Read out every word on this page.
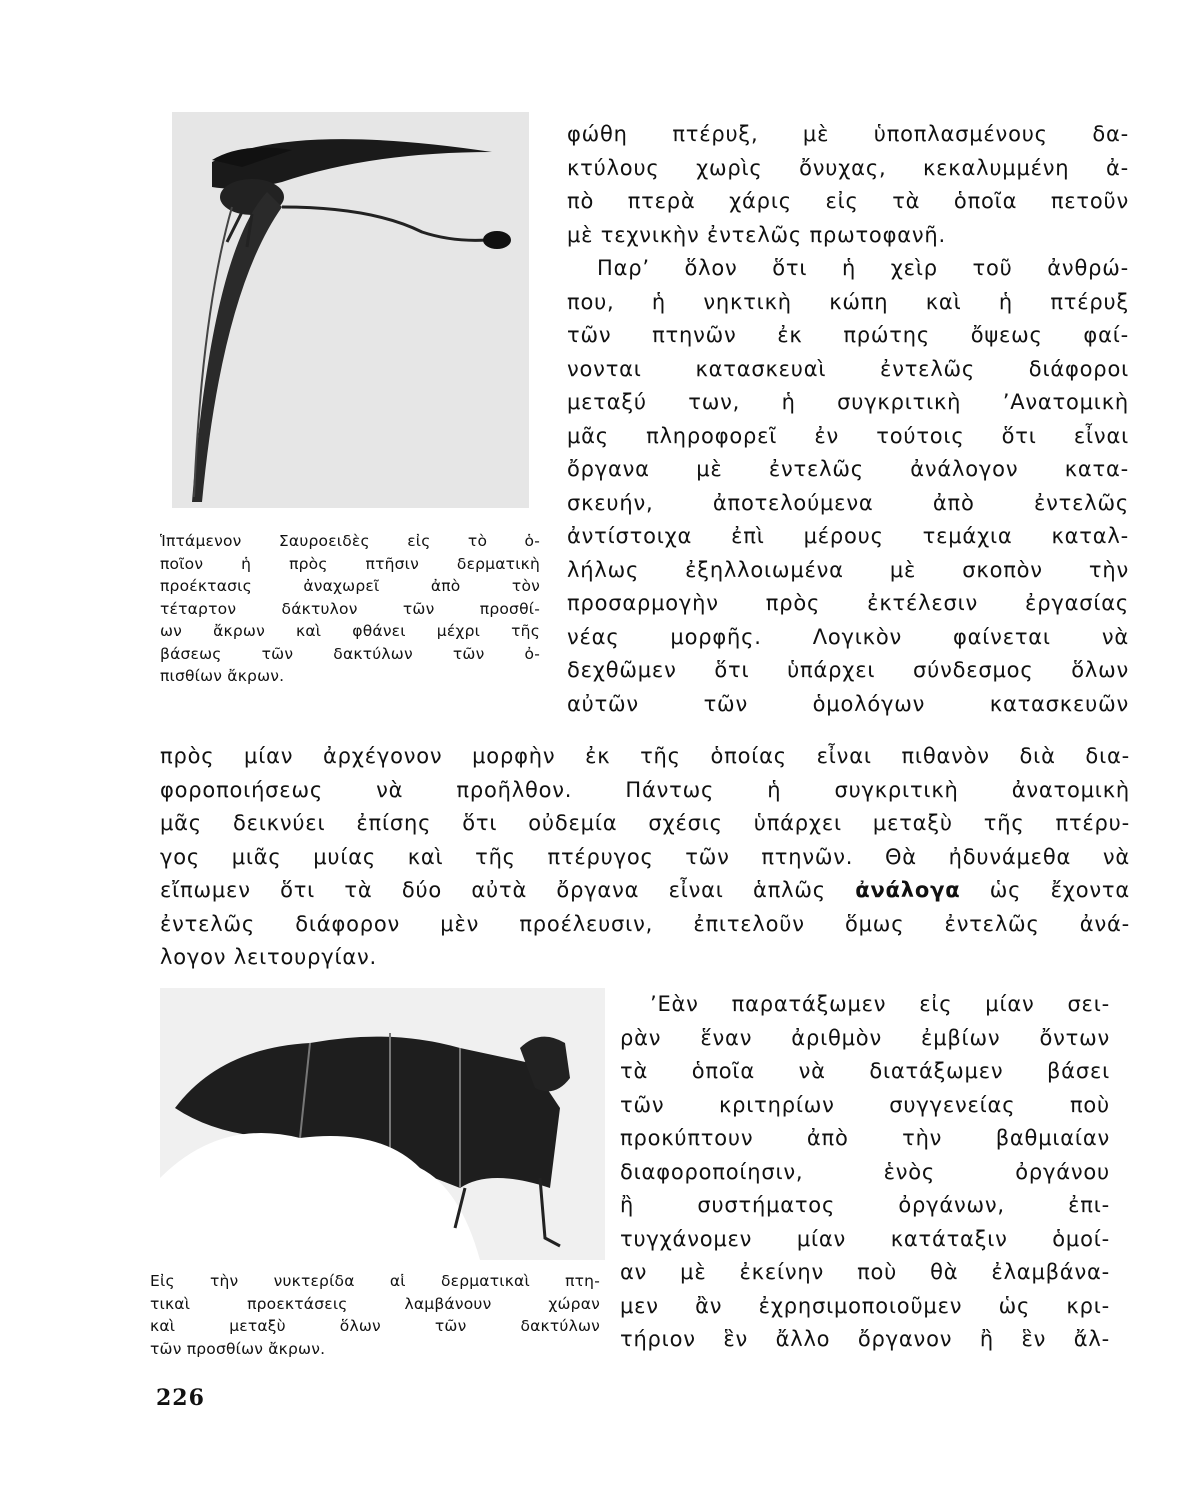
Ἱπτάμενον Σαυροειδὲς εἰς τὸ ὁ-
ποῖον ἡ πρὸς πτῆσιν δερματικὴ
προέκτασις ἀναχωρεῖ ἀπὸ τὸν
τέταρτον δάκτυλον τῶν προσθί-
ων ἄκρων καὶ φθάνει μέχρι τῆς
βάσεως τῶν δακτύλων τῶν ὀ-
πισθίων ἄκρων.

φώθη πτέρυξ, μὲ ὑποπλασμένους δα-
κτύλους χωρὶς ὄνυχας, κεκαλυμμένη ἀ-
πὸ πτερὰ χάρις εἰς τὰ ὁποῖα πετοῦν
μὲ τεχνικὴν ἐντελῶς πρωτοφανῆ.
Παρ’ ὅλον ὅτι ἡ χεὶρ τοῦ ἀνθρώ-
που, ἡ νηκτικὴ κώπη καὶ ἡ πτέρυξ
τῶν πτηνῶν ἐκ πρώτης ὄψεως φαί-
νονται κατασκευαὶ ἐντελῶς διάφοροι
μεταξύ των, ἡ συγκριτικὴ ’Ανατομικὴ
μᾶς πληροφορεῖ ἐν τούτοις ὅτι εἶναι
ὄργανα μὲ ἐντελῶς ἀνάλογον κατα-
σκευήν, ἀποτελούμενα ἀπὸ ἐντελῶς
ἀντίστοιχα ἐπὶ μέρους τεμάχια καταλ-
λήλως ἐξηλλοιωμένα μὲ σκοπὸν τὴν
προσαρμογὴν πρὸς ἐκτέλεσιν ἐργασίας
νέας μορφῆς. Λογικὸν φαίνεται νὰ
δεχθῶμεν ὅτι ὑπάρχει σύνδεσμος ὅλων
αὐτῶν τῶν ὁμολόγων κατασκευῶν
πρὸς μίαν ἀρχέγονον μορφὴν ἐκ τῆς ὁποίας εἶναι πιθανὸν διὰ δια-
φοροποιήσεως νὰ προῆλθον. Πάντως ἡ συγκριτικὴ ἀνατομικὴ
μᾶς δεικνύει ἐπίσης ὅτι οὐδεμία σχέσις ὑπάρχει μεταξὺ τῆς πτέρυ-
γος μιᾶς μυίας καὶ τῆς πτέρυγος τῶν πτηνῶν. Θὰ ἠδυνάμεθα νὰ
εἴπωμεν ὅτι τὰ δύο αὐτὰ ὄργανα εἶναι ἁπλῶς ἀνάλογα ὡς ἔχοντα
ἐντελῶς διάφορον μὲν προέλευσιν, ἐπιτελοῦν ὅμως ἐντελῶς ἀνά-
λογον λειτουργίαν.

Εἰς τὴν νυκτερίδα αἱ δερματικαὶ πτη-
τικαὶ προεκτάσεις λαμβάνουν χώραν
καὶ μεταξὺ ὅλων τῶν δακτύλων
τῶν προσθίων ἄκρων.

’Εὰν παρατάξωμεν εἰς μίαν σει-
ρὰν ἕναν ἀριθμὸν ἐμβίων ὄντων
τὰ ὁποῖα νὰ διατάξωμεν βάσει
τῶν κριτηρίων συγγενείας ποὺ
προκύπτουν ἀπὸ τὴν βαθμιαίαν
διαφοροποίησιν, ἑνὸς ὀργάνου
ἢ συστήματος ὀργάνων, ἐπι-
τυγχάνομεν μίαν κατάταξιν ὁμοί-
αν μὲ ἐκείνην ποὺ θὰ ἐλαμβάνα-
μεν ἂν ἐχρησιμοποιοῦμεν ὡς κρι-
τήριον ἓν ἄλλο ὄργανον ἢ ἓν ἄλ-
226
